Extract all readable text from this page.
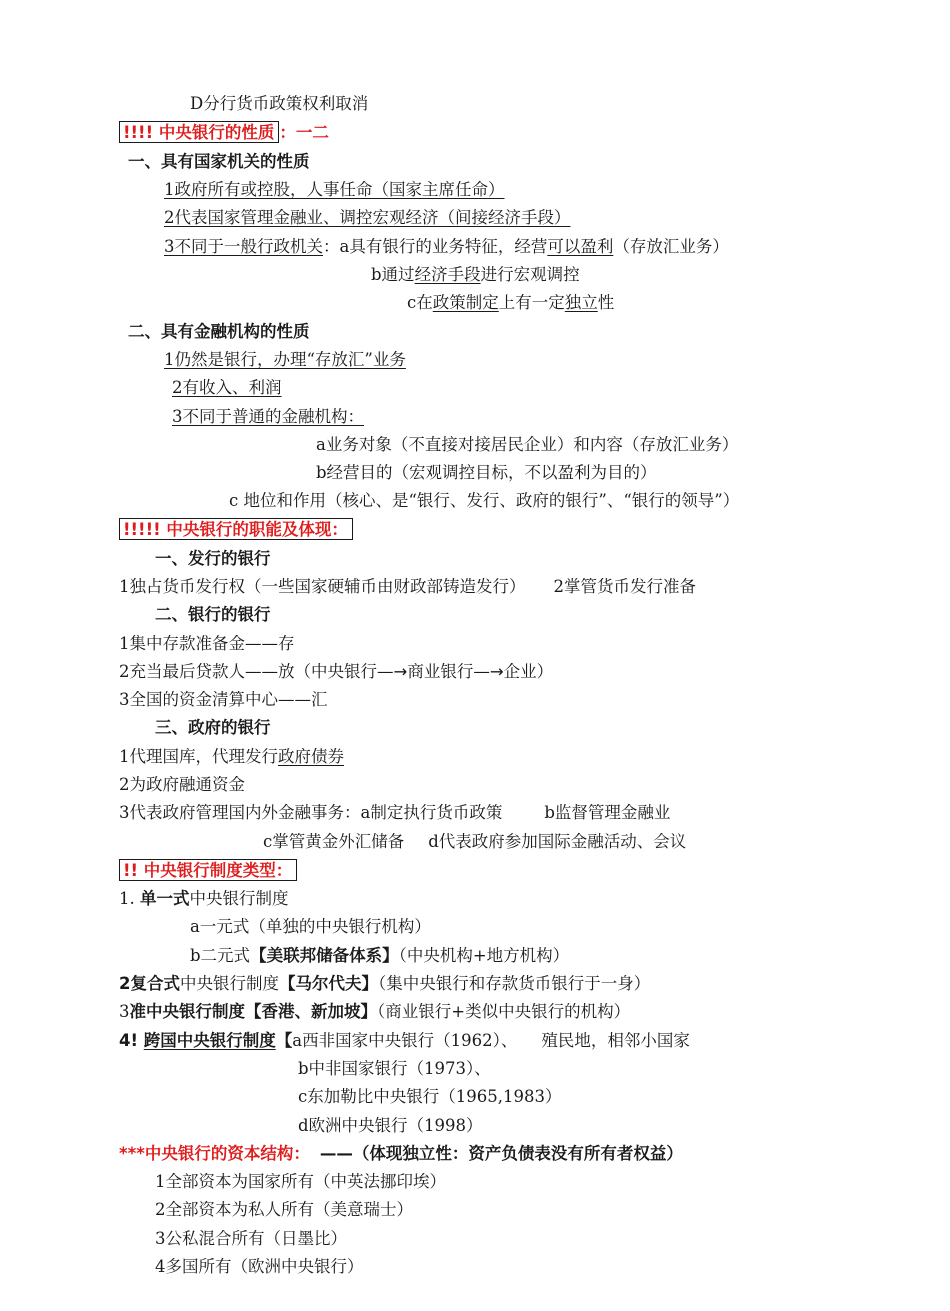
D分行货币政策权利取消
!!!! 中央银行的性质 ：一二
一、具有国家机关的性质
1政府所有或控股，人事任命（国家主席任命）
2代表国家管理金融业、调控宏观经济（间接经济手段）
3不同于一般行政机关：a具有银行的业务特征，经营可以盈利（存放汇业务）
b通过经济手段进行宏观调控
c在政策制定上有一定独立性
二、具有金融机构的性质
1仍然是银行，办理“存放汇”业务
2有收入、利润
3不同于普通的金融机构：
a业务对象（不直接对接居民企业）和内容（存放汇业务）
b经营目的（宏观调控目标，不以盈利为目的）
c 地位和作用（核心、是“银行、发行、政府的银行”、“银行的领导”）
!!!!! 中央银行的职能及体现：
一、发行的银行
1独占货币发行权（一些国家硬辅币由财政部铸造发行） 2掌管货币发行准备
二、银行的银行
1集中存款准备金——存
2充当最后贷款人——放（中央银行—→商业银行—→企业）
3全国的资金清算中心——汇
三、政府的银行
1代理国库，代理发行政府债券
2为政府融通资金
3代表政府管理国内外金融事务：a制定执行货币政策	b监督管理金融业
c掌管黄金外汇储备 d代表政府参加国际金融活动、会议
!! 中央银行制度类型：
1. 单一式中央银行制度
a一元式（单独的中央银行机构）
b二元式【美联邦储备体系】（中央机构+地方机构）
2复合式中央银行制度【马尔代夫】（集中央银行和存款货币银行于一身）
3准中央银行制度【香港、新加坡】（商业银行+类似中央银行的机构）
4! 跨国中央银行制度【a西非国家中央银行（1962）、 殖民地，相邻小国家
b中非国家银行（1973）、
c东加勒比中央银行（1965,1983）
d欧洲中央银行（1998）
***中央银行的资本结构： ——（体现独立性：资产负债表没有所有者权益）
1全部资本为国家所有（中英法挪印埃）
2全部资本为私人所有（美意瑞士）
3公私混合所有（日墨比）
4多国所有（欧洲中央银行）
